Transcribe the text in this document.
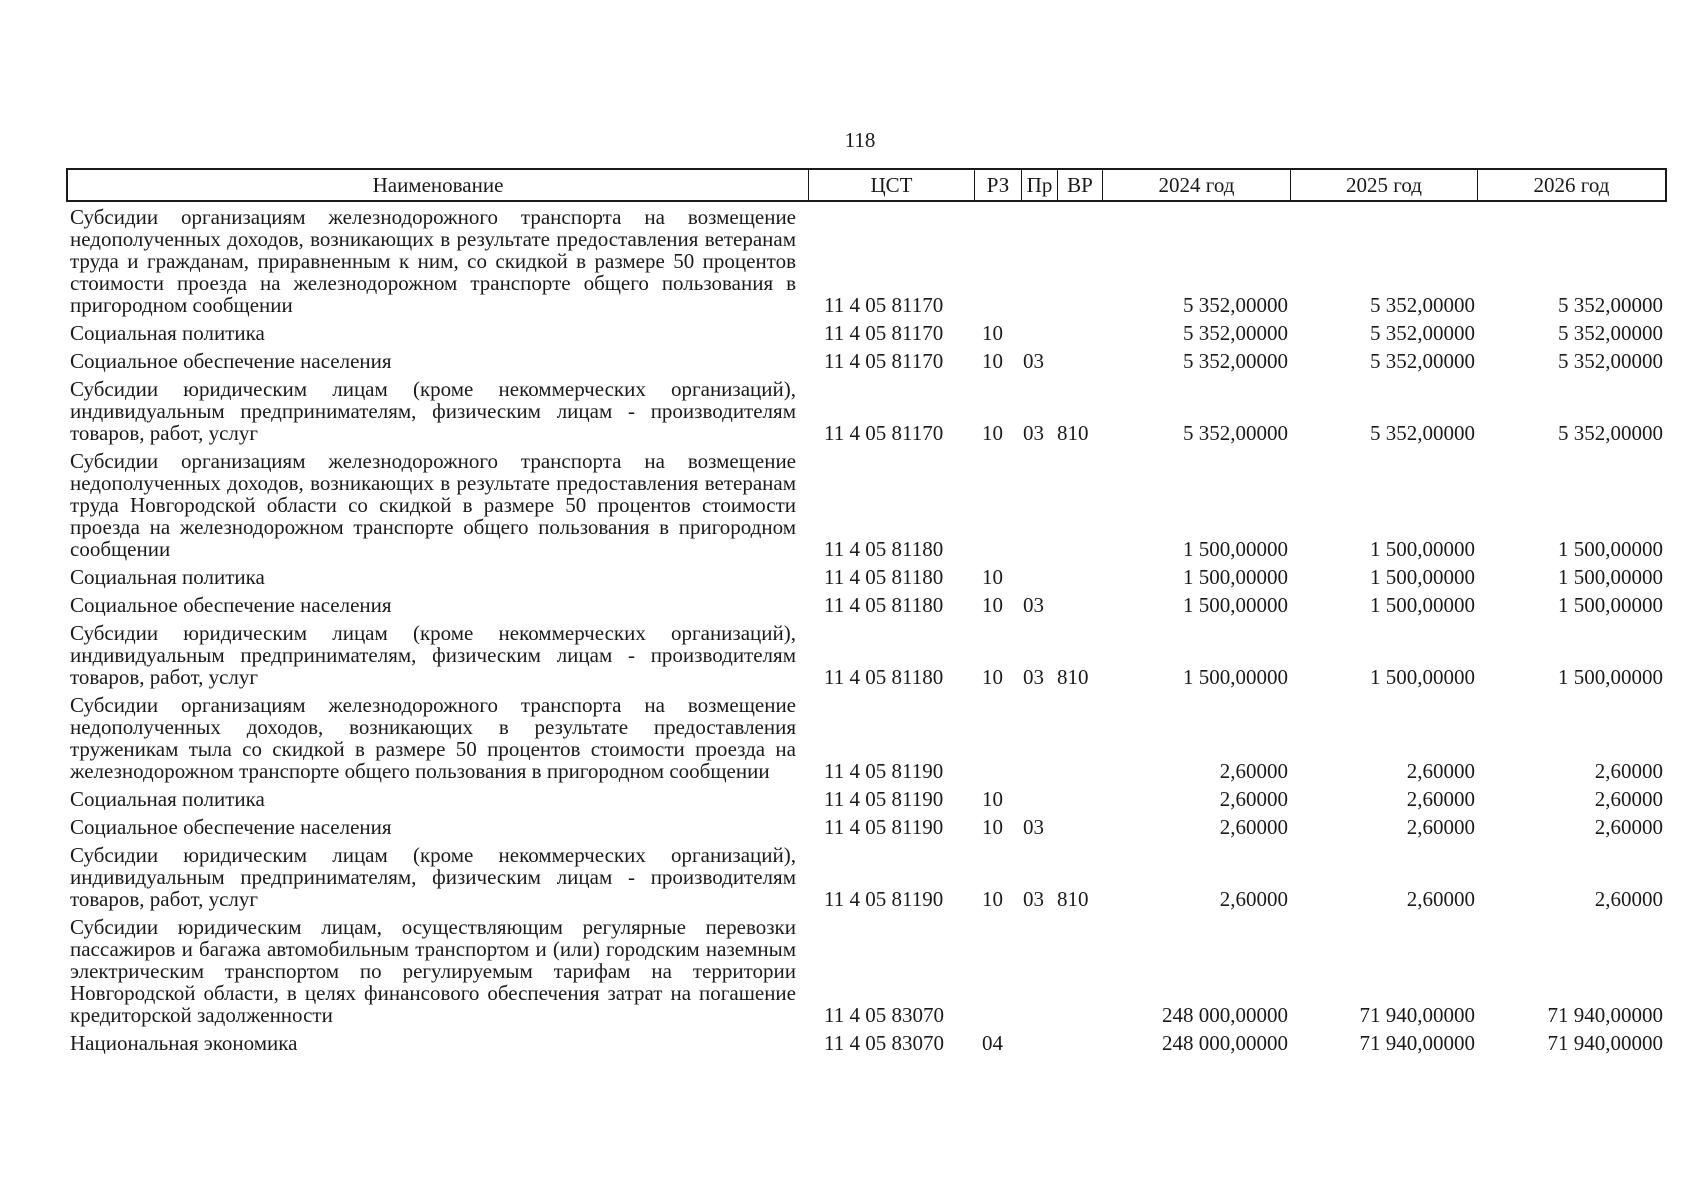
118
Наименование	ЦСТ	РЗ Пр ВР	2024 год	2025 год	2026 год
Субсидии организациям железнодорожного транспорта на возмещение недополученных доходов, возникающих в результате предоставления ветеранам труда и гражданам, приравненным к ним, со скидкой в размере 50 процентов стоимости проезда на железнодорожном транспорте общего пользования в пригородном сообщении	11 4 05 81170	5 352,00000	5 352,00000	5 352,00000
Социальная политика	11 4 05 81170	10	5 352,00000	5 352,00000	5 352,00000
Социальное обеспечение населения	11 4 05 81170	10 03	5 352,00000	5 352,00000	5 352,00000
Субсидии юридическим лицам (кроме некоммерческих организаций), индивидуальным предпринимателям, физическим лицам - производителям товаров, работ, услуг	11 4 05 81170	10 03 810	5 352,00000	5 352,00000	5 352,00000
Субсидии организациям железнодорожного транспорта на возмещение недополученных доходов, возникающих в результате предоставления ветеранам труда Новгородской области со скидкой в размере 50 процентов стоимости проезда на железнодорожном транспорте общего пользования в пригородном сообщении	11 4 05 81180	1 500,00000	1 500,00000	1 500,00000
Социальная политика	11 4 05 81180	10	1 500,00000	1 500,00000	1 500,00000
Социальное обеспечение населения	11 4 05 81180	10 03	1 500,00000	1 500,00000	1 500,00000
Субсидии юридическим лицам (кроме некоммерческих организаций), индивидуальным предпринимателям, физическим лицам - производителям товаров, работ, услуг	11 4 05 81180	10 03 810	1 500,00000	1 500,00000	1 500,00000
Субсидии организациям железнодорожного транспорта на возмещение недополученных доходов, возникающих в результате предоставления труженикам тыла со скидкой в размере 50 процентов стоимости проезда на железнодорожном транспорте общего пользования в пригородном сообщении	11 4 05 81190	2,60000	2,60000	2,60000
Социальная политика	11 4 05 81190	10	2,60000	2,60000	2,60000
Социальное обеспечение населения	11 4 05 81190	10 03	2,60000	2,60000	2,60000
Субсидии юридическим лицам (кроме некоммерческих организаций), индивидуальным предпринимателям, физическим лицам - производителям товаров, работ, услуг	11 4 05 81190	10 03 810	2,60000	2,60000	2,60000
Субсидии юридическим лицам, осуществляющим регулярные перевозки пассажиров и багажа автомобильным транспортом и (или) городским наземным электрическим транспортом по регулируемым тарифам на территории Новгородской области, в целях финансового обеспечения затрат на погашение кредиторской задолженности	11 4 05 83070	248 000,00000	71 940,00000	71 940,00000
Национальная экономика	11 4 05 83070	04	248 000,00000	71 940,00000	71 940,00000
